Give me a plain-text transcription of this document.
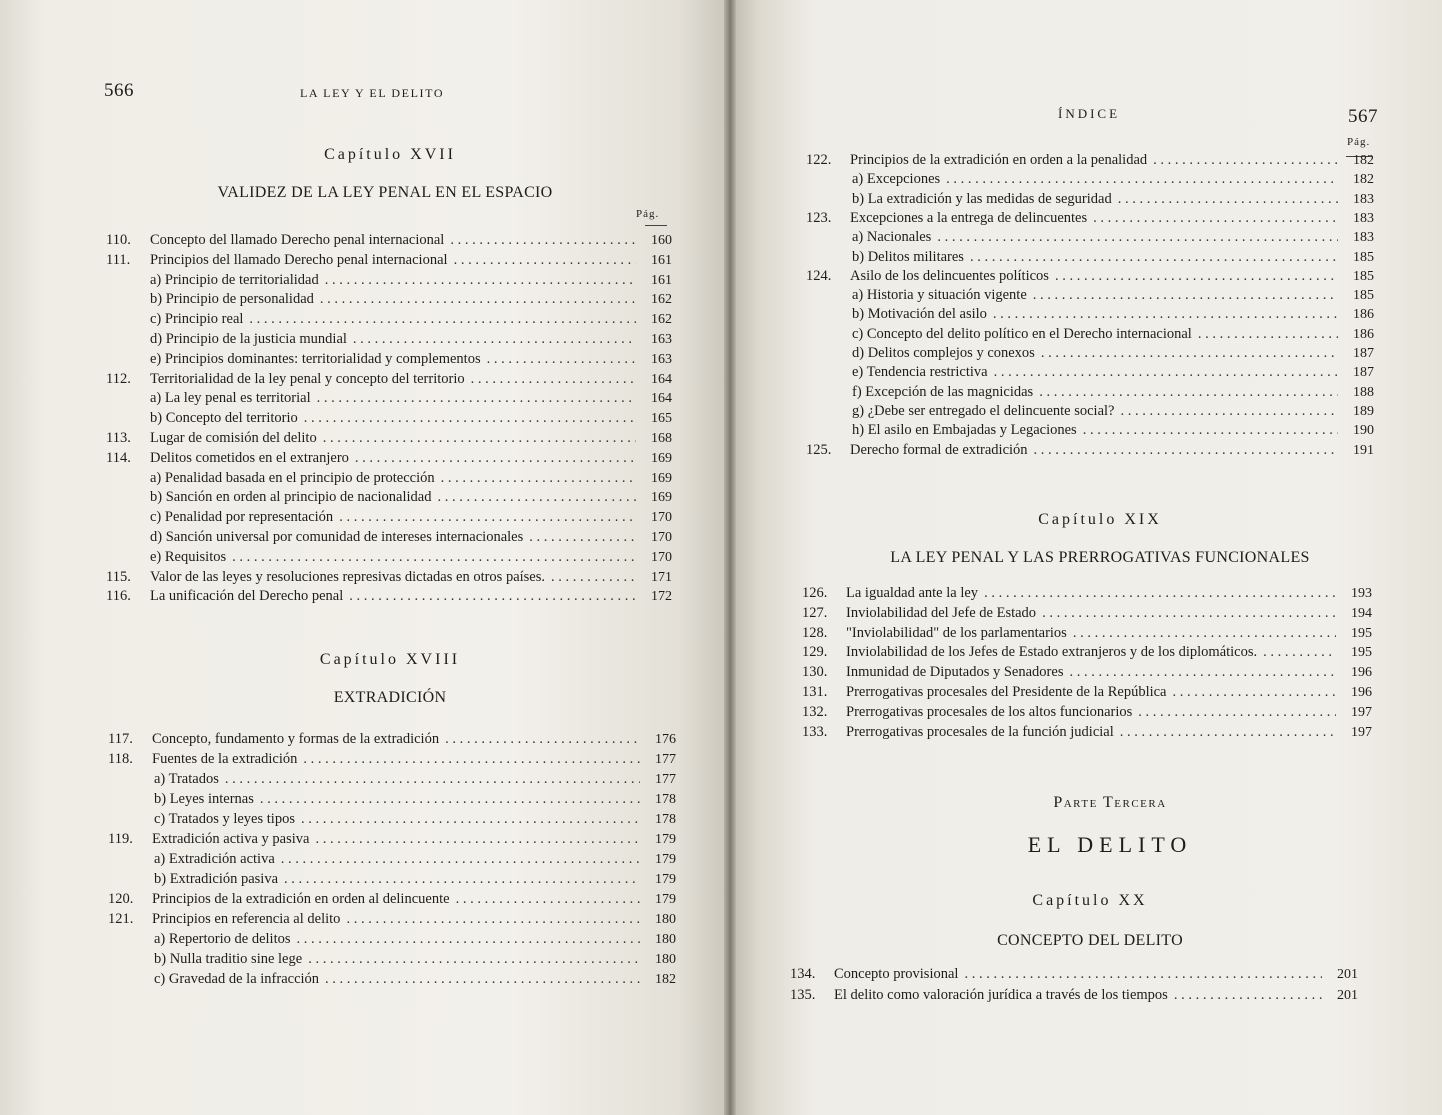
566	LA LEY Y EL DELITO
Capítulo XVII
VALIDEZ DE LA LEY PENAL EN EL ESPACIO
Pág.
110.	Concepto del llamado Derecho penal internacional . . .	160
111.	Principios del llamado Derecho penal internacional . . .	161
a) Principio de territorialidad . . .	161
b) Principio de personalidad . . .	162
c) Principio real . . .	162
d) Principio de la justicia mundial . . .	163
e) Principios dominantes: territorialidad y complementos . . .	163
112.	Territorialidad de la ley penal y concepto del territorio . . .	164
a) La ley penal es territorial . . .	164
b) Concepto del territorio . . .	165
113.	Lugar de comisión del delito . . .	168
114.	Delitos cometidos en el extranjero . . .	169
a) Penalidad basada en el principio de protección . . .	169
b) Sanción en orden al principio de nacionalidad . . .	169
c) Penalidad por representación . . .	170
d) Sanción universal por comunidad de intereses internacionales . . .	170
e) Requisitos . . .	170
115.	Valor de las leyes y resoluciones represivas dictadas en otros países. . . .	171
116.	La unificación del Derecho penal . . .	172
Capítulo XVIII
EXTRADICIÓN
117.	Concepto, fundamento y formas de la extradición . . .	176
118.	Fuentes de la extradición . . .	177
a) Tratados . . .	177
b) Leyes internas . . .	178
c) Tratados y leyes tipos . . .	178
119.	Extradición activa y pasiva . . .	179
a) Extradición activa . . .	179
b) Extradición pasiva . . .	179
120.	Principios de la extradición en orden al delincuente . . .	179
121.	Principios en referencia al delito . . .	180
a) Repertorio de delitos . . .	180
b) Nulla traditio sine lege . . .	180
c) Gravedad de la infracción . . .	182
ÍNDICE	567
Pág.
122.	Principios de la extradición en orden a la penalidad . . .	182
a) Excepciones . . .	182
b) La extradición y las medidas de seguridad . . .	183
123.	Excepciones a la entrega de delincuentes . . .	183
a) Nacionales . . .	183
b) Delitos militares . . .	185
124.	Asilo de los delincuentes políticos . . .	185
a) Historia y situación vigente . . .	185
b) Motivación del asilo . . .	186
c) Concepto del delito político en el Derecho internacional . . .	186
d) Delitos complejos y conexos . . .	187
e) Tendencia restrictiva . . .	187
f) Excepción de las magnicidas . . .	188
g) ¿Debe ser entregado el delincuente social? . . .	189
h) El asilo en Embajadas y Legaciones . . .	190
125.	Derecho formal de extradición . . .	191
Capítulo XIX
LA LEY PENAL Y LAS PRERROGATIVAS FUNCIONALES
126.	La igualdad ante la ley . . .	193
127.	Inviolabilidad del Jefe de Estado . . .	194
128.	"Inviolabilidad" de los parlamentarios . . .	195
129.	Inviolabilidad de los Jefes de Estado extranjeros y de los diplomáticos. . . .	195
130.	Inmunidad de Diputados y Senadores . . .	196
131.	Prerrogativas procesales del Presidente de la República . . .	196
132.	Prerrogativas procesales de los altos funcionarios . . .	197
133.	Prerrogativas procesales de la función judicial . . .	197
Parte Tercera
EL DELITO
Capítulo XX
CONCEPTO DEL DELITO
134.	Concepto provisional . . .	201
135.	El delito como valoración jurídica a través de los tiempos . . .	201
